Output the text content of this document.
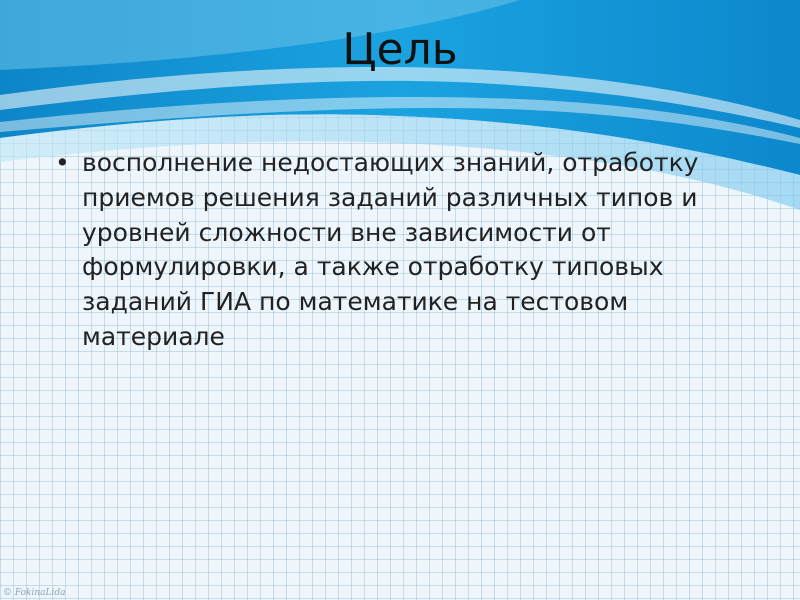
Цель
• восполнение недостающих знаний, отработку приемов решения заданий различных типов и уровней сложности вне зависимости от формулировки, а также отработку типовых заданий ГИА по математике на тестовом материале
© FokinaLida
